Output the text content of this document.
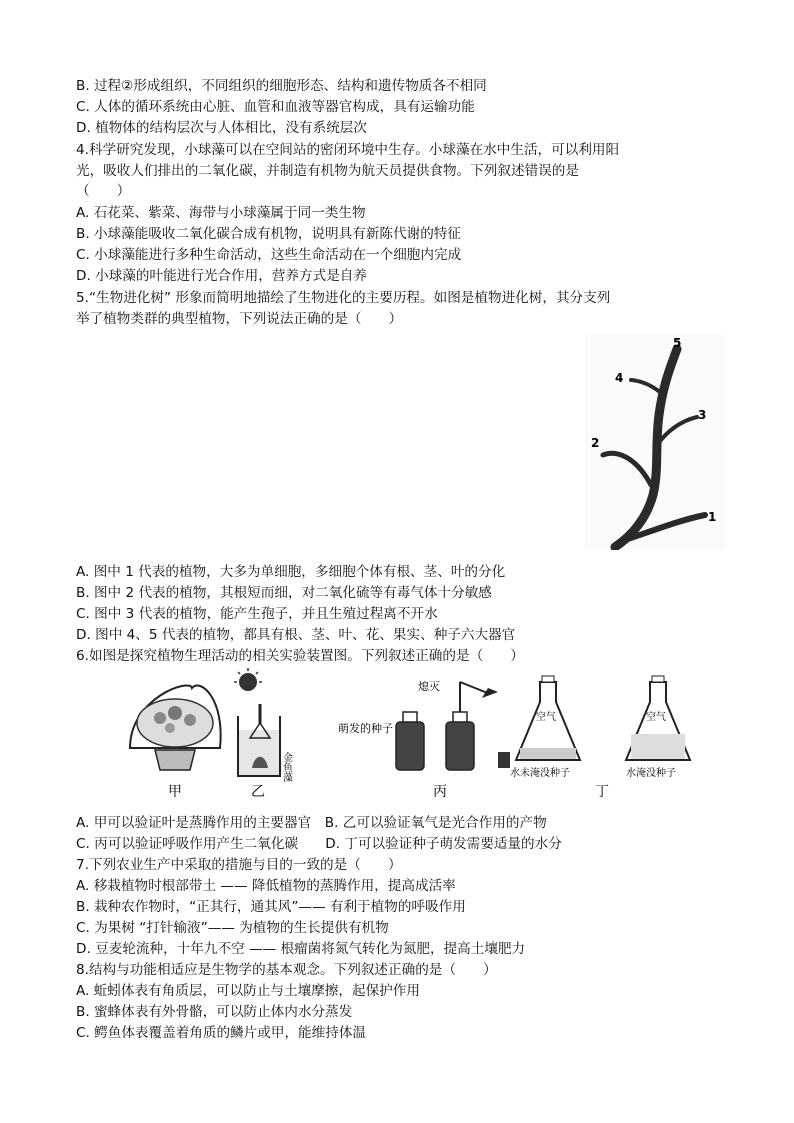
B. 过程②形成组织，不同组织的细胞形态、结构和遗传物质各不相同
C. 人体的循环系统由心脏、血管和血液等器官构成，具有运输功能
D. 植物体的结构层次与人体相比，没有系统层次
4.科学研究发现，小球藻可以在空间站的密闭环境中生存。小球藻在水中生活，可以利用阳
光，吸收人们排出的二氧化碳，并制造有机物为航天员提供食物。下列叙述错误的是
（　　）
A. 石花菜、紫菜、海带与小球藻属于同一类生物
B. 小球藻能吸收二氧化碳合成有机物，说明具有新陈代谢的特征
C. 小球藻能进行多种生命活动，这些生命活动在一个细胞内完成
D. 小球藻的叶能进行光合作用，营养方式是自养
5.“生物进化树” 形象而简明地描绘了生物进化的主要历程。如图是植物进化树，其分支列
举了植物类群的典型植物，下列说法正确的是（　　）
1
2
3
4
5
A. 图中 1 代表的植物，大多为单细胞，多细胞个体有根、茎、叶的分化
B. 图中 2 代表的植物，其根短而细，对二氧化硫等有毒气体十分敏感
C. 图中 3 代表的植物，能产生孢子，并且生殖过程离不开水
D. 图中 4、5 代表的植物，都具有根、茎、叶、花、果实、种子六大器官
6.如图是探究植物生理活动的相关实验装置图。下列叙述正确的是（　　）
甲
金鱼藻
乙
熄灭
萌发的种子
丙
空气
水未淹没种子
空气
水淹没种子
丁
A. 甲可以验证叶是蒸腾作用的主要器官　B. 乙可以验证氧气是光合作用的产物
C. 丙可以验证呼吸作用产生二氧化碳　　D. 丁可以验证种子萌发需要适量的水分
7.下列农业生产中采取的措施与目的一致的是（　　）
A. 移栽植物时根部带土 —— 降低植物的蒸腾作用，提高成活率
B. 栽种农作物时，“正其行，通其风”—— 有利于植物的呼吸作用
C. 为果树 “打针输液”—— 为植物的生长提供有机物
D. 豆麦轮流种，十年九不空 —— 根瘤菌将氮气转化为氮肥，提高土壤肥力
8.结构与功能相适应是生物学的基本观念。下列叙述正确的是（　　）
A. 蚯蚓体表有角质层，可以防止与土壤摩擦，起保护作用
B. 蜜蜂体表有外骨骼，可以防止体内水分蒸发
C. 鳄鱼体表覆盖着角质的鳞片或甲，能维持体温
